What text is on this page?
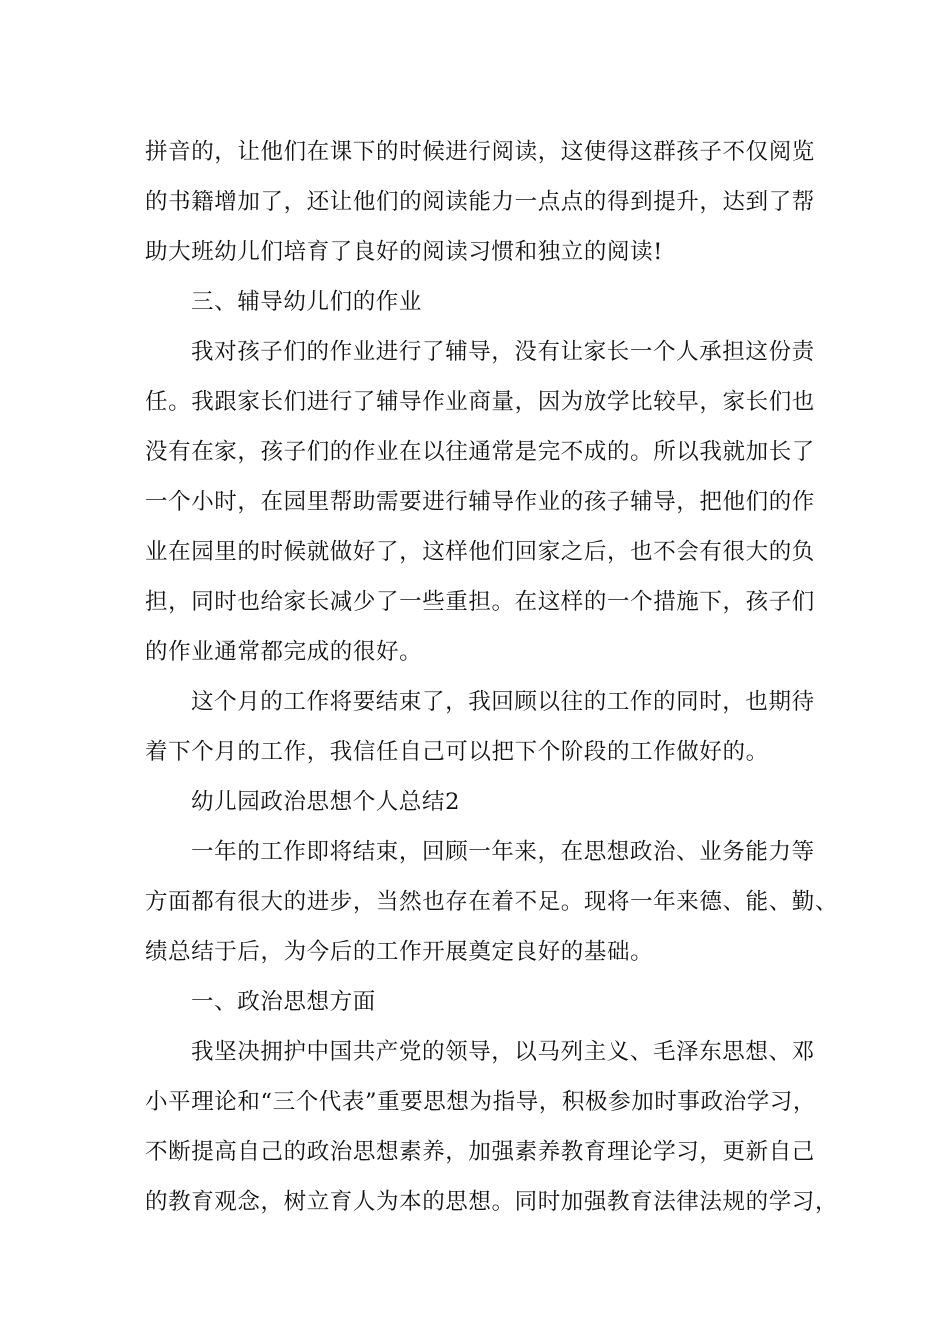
拼音的，让他们在课下的时候进行阅读，这使得这群孩子不仅阅览
的书籍增加了，还让他们的阅读能力一点点的得到提升，达到了帮
助大班幼儿们培育了良好的阅读习惯和独立的阅读!
三、辅导幼儿们的作业
我对孩子们的作业进行了辅导，没有让家长一个人承担这份责
任。我跟家长们进行了辅导作业商量，因为放学比较早，家长们也
没有在家，孩子们的作业在以往通常是完不成的。所以我就加长了
一个小时，在园里帮助需要进行辅导作业的孩子辅导，把他们的作
业在园里的时候就做好了，这样他们回家之后，也不会有很大的负
担，同时也给家长减少了一些重担。在这样的一个措施下，孩子们
的作业通常都完成的很好。
这个月的工作将要结束了，我回顾以往的工作的同时，也期待
着下个月的工作，我信任自己可以把下个阶段的工作做好的。
幼儿园政治思想个人总结2
一年的工作即将结束，回顾一年来，在思想政治、业务能力等
方面都有很大的进步，当然也存在着不足。现将一年来德、能、勤、
绩总结于后，为今后的工作开展奠定良好的基础。
一、政治思想方面
我坚决拥护中国共产党的领导，以马列主义、毛泽东思想、邓
小平理论和“三个代表”重要思想为指导，积极参加时事政治学习，
不断提高自己的政治思想素养，加强素养教育理论学习，更新自己
的教育观念，树立育人为本的思想。同时加强教育法律法规的学习，
